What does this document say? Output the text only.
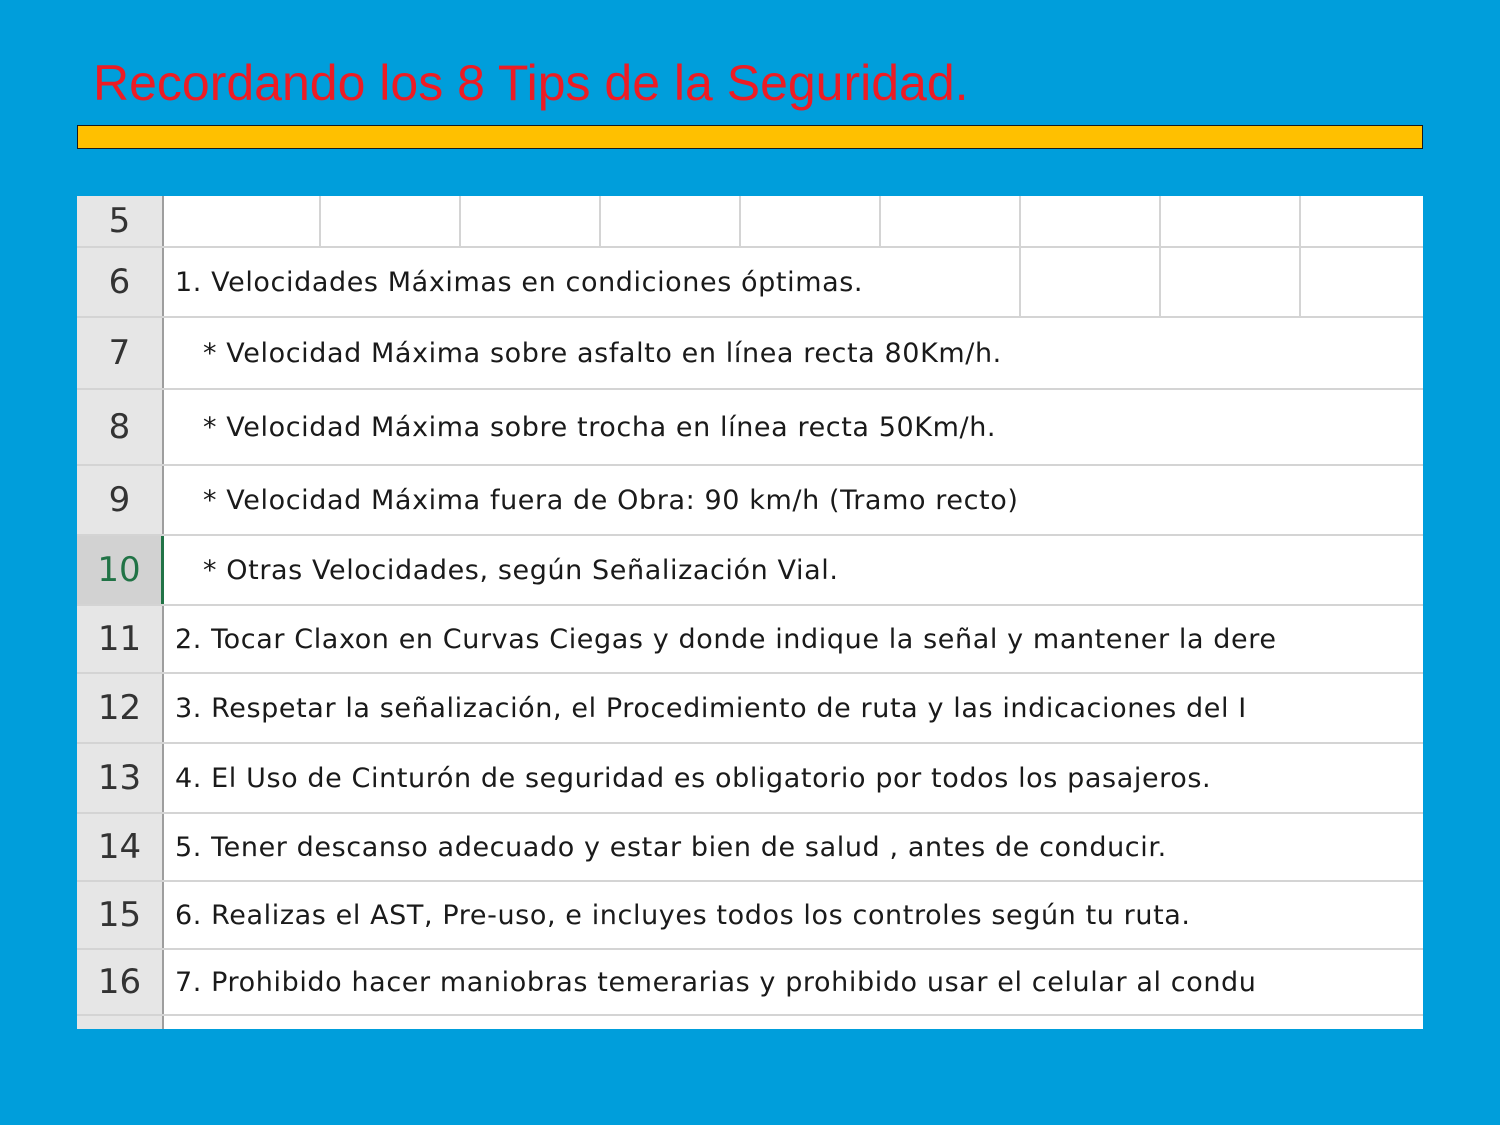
Recordando los 8 Tips de la Seguridad.
5
6	1. Velocidades Máximas en condiciones óptimas.
7	* Velocidad Máxima sobre asfalto en línea recta 80Km/h.
8	* Velocidad Máxima sobre trocha en línea recta 50Km/h.
9	* Velocidad Máxima fuera de Obra: 90 km/h (Tramo recto)
10	* Otras Velocidades, según Señalización Vial.
11	2. Tocar Claxon en Curvas Ciegas y donde indique la señal y mantener la dere
12	3. Respetar la señalización, el Procedimiento de ruta y las indicaciones del I
13	4. El Uso de Cinturón de seguridad es obligatorio por todos los pasajeros.
14	5. Tener descanso adecuado y estar bien de salud , antes de conducir.
15	6. Realizas el AST, Pre-uso, e incluyes todos los controles según tu ruta.
16	7. Prohibido hacer maniobras temerarias y prohibido usar el celular al condu
